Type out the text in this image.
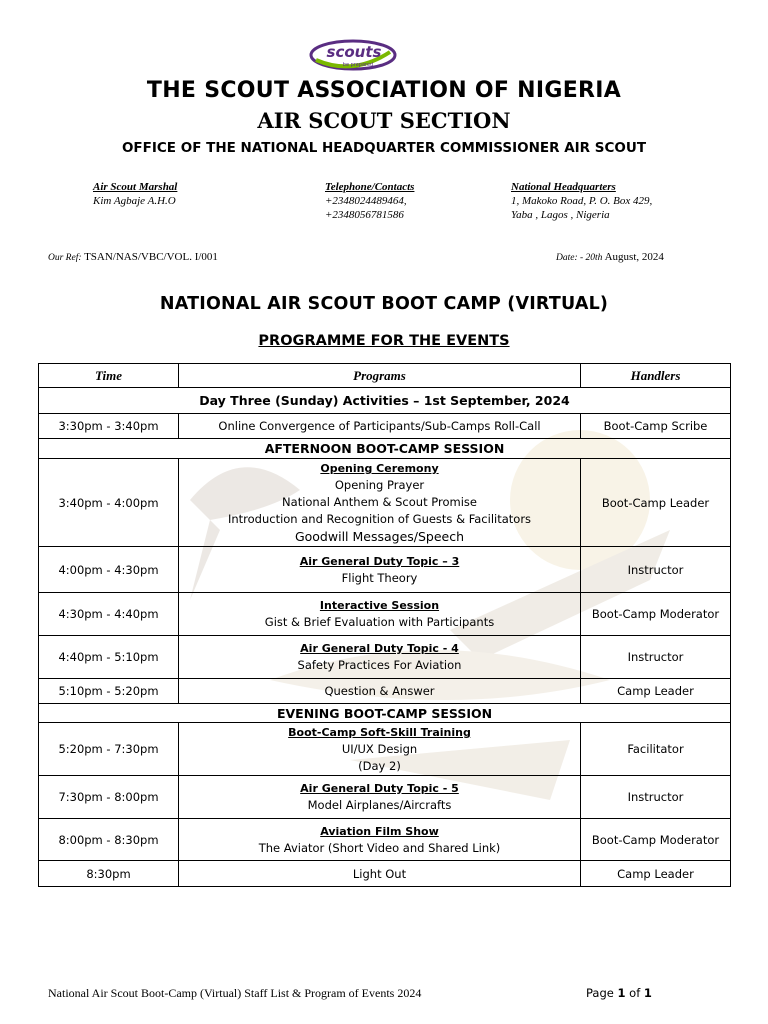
scouts
be prepared
THE SCOUT ASSOCIATION OF NIGERIA
AIR SCOUT SECTION
OFFICE OF THE NATIONAL HEADQUARTER COMMISSIONER AIR SCOUT
Air Scout Marshal
Kim Agbaje A.H.O
Telephone/Contacts
+2348024489464,
+2348056781586
National Headquarters
1, Makoko Road, P. O. Box 429,
Yaba , Lagos , Nigeria
Our Ref: TSAN/NAS/VBC/VOL. I/001	Date: - 20th August, 2024
NATIONAL AIR SCOUT BOOT CAMP (VIRTUAL)
PROGRAMME FOR THE EVENTS
Time	Programs	Handlers
Day Three (Sunday) Activities – 1st September, 2024		
3:30pm - 3:40pm	Online Convergence of Participants/Sub-Camps Roll-Call	Boot-Camp Scribe
AFTERNOON BOOT-CAMP SESSION		
3:40pm - 4:00pm	Opening Ceremony
Opening Prayer
National Anthem & Scout Promise
Introduction and Recognition of Guests & Facilitators
Goodwill Messages/Speech	Boot-Camp Leader
4:00pm - 4:30pm	Air General Duty Topic – 3
Flight Theory	Instructor
4:30pm - 4:40pm	Interactive Session
Gist & Brief Evaluation with Participants	Boot-Camp Moderator
4:40pm - 5:10pm	Air General Duty Topic - 4
Safety Practices For Aviation	Instructor
5:10pm - 5:20pm	Question & Answer	Camp Leader
EVENING BOOT-CAMP SESSION		
5:20pm - 7:30pm	Boot-Camp Soft-Skill Training
UI/UX Design
(Day 2)	Facilitator
7:30pm - 8:00pm	Air General Duty Topic - 5
Model Airplanes/Aircrafts	Instructor
8:00pm - 8:30pm	Aviation Film Show
The Aviator (Short Video and Shared Link)	Boot-Camp Moderator
8:30pm	Light Out	Camp Leader
National Air Scout Boot-Camp (Virtual) Staff List & Program of Events 2024	Page 1 of 1
